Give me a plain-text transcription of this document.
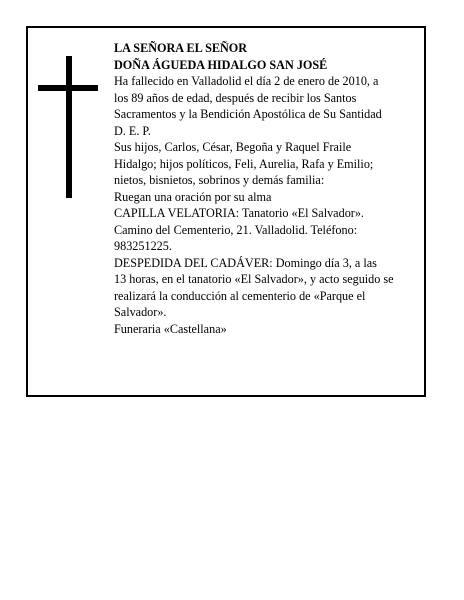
LA SEÑORA EL SEÑOR
DOÑA ÁGUEDA HIDALGO SAN JOSÉ
Ha fallecido en Valladolid el día 2 de enero de 2010, a
los 89 años de edad, después de recibir los Santos
Sacramentos y la Bendición Apostólica de Su Santidad
D. E. P.
Sus hijos, Carlos, César, Begoña y Raquel Fraile
Hidalgo; hijos políticos, Feli, Aurelia, Rafa y Emilio;
nietos, bisnietos, sobrinos y demás familia:
Ruegan una oración por su alma
CAPILLA VELATORIA: Tanatorio «El Salvador».
Camino del Cementerio, 21. Valladolid. Teléfono:
983251225.
DESPEDIDA DEL CADÁVER: Domingo día 3, a las
13 horas, en el tanatorio «El Salvador», y acto seguido se
realizará la conducción al cementerio de «Parque el
Salvador».
Funeraria «Castellana»
